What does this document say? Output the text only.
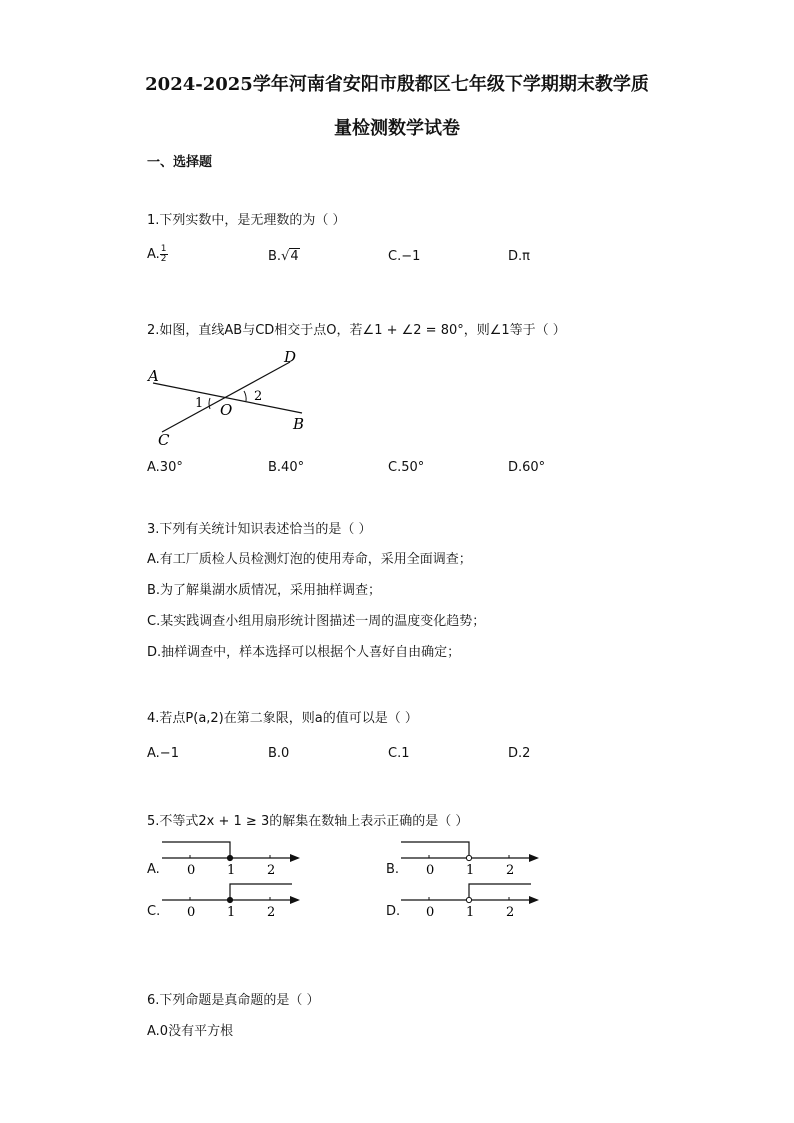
2024-2025学年河南省安阳市殷都区七年级下学期期末教学质
量检测数学试卷
一、选择题
1.下列实数中，是无理数的为（ ）
A. $\frac{1}{2}$	B.√4	C.−1	D.π
2.如图，直线AB与CD相交于点O，若∠1 + ∠2 = 80°，则∠1等于（ ）
A
B
C
D
O
1	2
A.30°	B.40°	C.50°	D.60°
3.下列有关统计知识表述恰当的是（ ）
A.有工厂质检人员检测灯泡的使用寿命，采用全面调查；
B.为了解巢湖水质情况，采用抽样调查；
C.某实践调查小组用扇形统计图描述一周的温度变化趋势；
D.抽样调查中，样本选择可以根据个人喜好自由确定；
4.若点P(a,2)在第二象限，则a的值可以是（ ）
A.−1	B.0	C.1	D.2
5.不等式2x + 1 ≥ 3的解集在数轴上表示正确的是（ ）
A. 0 1 2	B. 0 1 2
C. 0 1 2	D. 0 1 2
6.下列命题是真命题的是（ ）
A.0没有平方根
